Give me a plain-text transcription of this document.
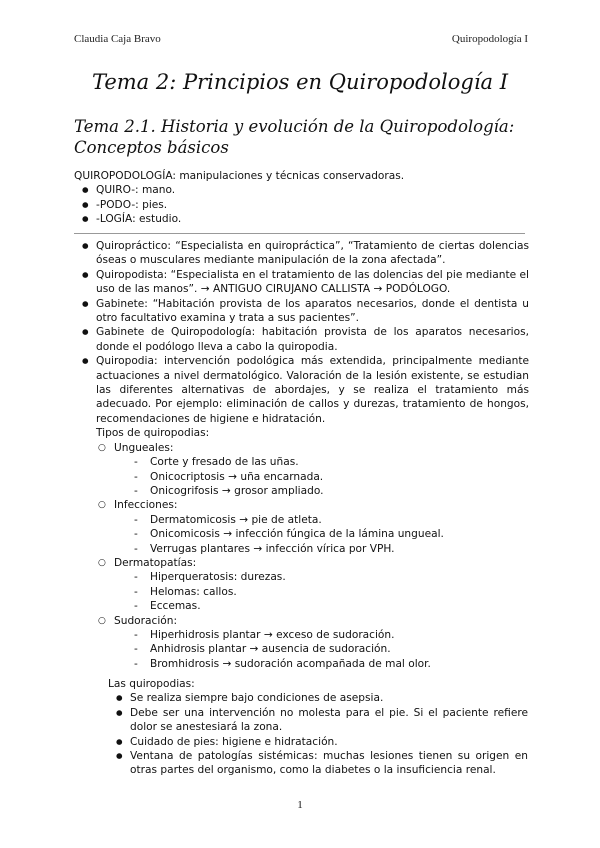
Claudia Caja Bravo	Quiropodología I
Tema 2: Principios en Quiropodología I
Tema 2.1. Historia y evolución de la Quiropodología: Conceptos básicos

QUIROPODOLOGÍA: manipulaciones y técnicas conservadoras.

● QUIRO-: mano.
● -PODO-: pies.
● -LOGÍA: estudio.
● Quiropráctico: “Especialista en quiropráctica”, “Tratamiento de ciertas dolencias óseas o musculares mediante manipulación de la zona afectada”.
● Quiropodista: “Especialista en el tratamiento de las dolencias del pie mediante el uso de las manos”. → ANTIGUO CIRUJANO CALLISTA → PODÓLOGO.
● Gabinete: “Habitación provista de los aparatos necesarios, donde el dentista u otro facultativo examina y trata a sus pacientes”.
● Gabinete de Quiropodología: habitación provista de los aparatos necesarios, donde el podólogo lleva a cabo la quiropodia.
● Quiropodia: intervención podológica más extendida, principalmente mediante actuaciones a nivel dermatológico. Valoración de la lesión existente, se estudian las diferentes alternativas de abordajes, y se realiza el tratamiento más adecuado. Por ejemplo: eliminación de callos y durezas, tratamiento de hongos, recomendaciones de higiene e hidratación.

Tipos de quiropodias:

○ Ungueales:
- Corte y fresado de las uñas.
- Onicocriptosis → uña encarnada.
- Onicogrifosis → grosor ampliado.
○ Infecciones:
- Dermatomicosis → pie de atleta.
- Onicomicosis → infección fúngica de la lámina ungueal.
- Verrugas plantares → infección vírica por VPH.
○ Dermatopatías:
- Hiperqueratosis: durezas.
- Helomas: callos.
- Eccemas.
○ Sudoración:
- Hiperhidrosis plantar → exceso de sudoración.
- Anhidrosis plantar → ausencia de sudoración.
- Bromhidrosis → sudoración acompañada de mal olor.

Las quiropodias:

● Se realiza siempre bajo condiciones de asepsia.
● Debe ser una intervención no molesta para el pie. Si el paciente refiere dolor se anestesiará la zona.
● Cuidado de pies: higiene e hidratación.
● Ventana de patologías sistémicas: muchas lesiones tienen su origen en otras partes del organismo, como la diabetes o la insuficiencia renal.
1
